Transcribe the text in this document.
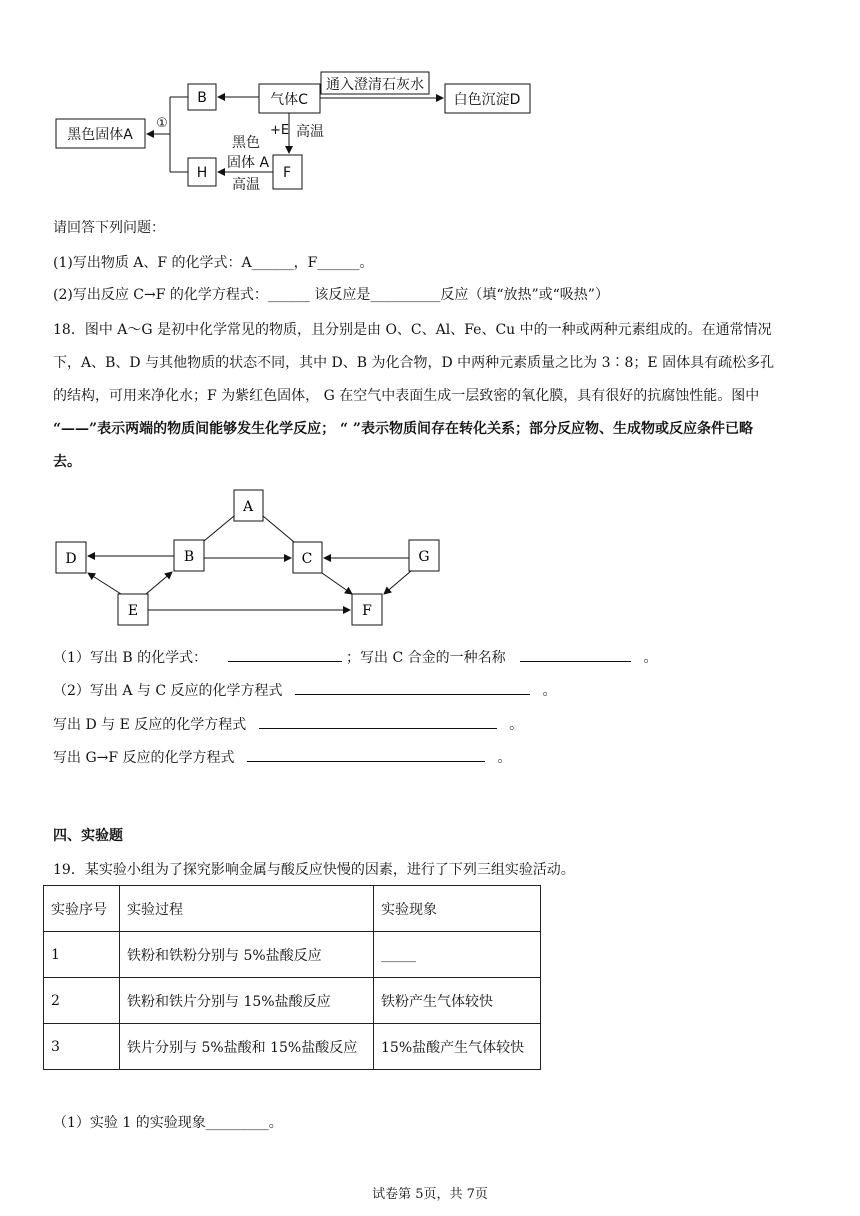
黑色固体A
B	气体C	白色沉淀D
H	F
①
通入澄清石灰水
+E 高温
黑色
固体 A
高温
请回答下列问题：
(1)写出物质 A、F 的化学式：A______，F______。
(2)写出反应 C→F 的化学方程式：______ 该反应是__________反应（填“放热”或“吸热”）
18．图中 A～G 是初中化学常见的物质，且分别是由 O、C、Al、Fe、Cu 中的一种或两种元素组成的。在通常情况
下，A、B、D 与其他物质的状态不同，其中 D、B 为化合物，D 中两种元素质量之比为 3∶8；E 固体具有疏松多孔
的结构，可用来净化水；F 为紫红色固体， G 在空气中表面生成一层致密的氧化膜，具有很好的抗腐蚀性能。图中
“——”表示两端的物质间能够发生化学反应； “ ”表示物质间存在转化关系；部分反应物、生成物或反应条件已略
去。
A
B	C
D
E	F
G
（1）写出 B 的化学式：	；写出 C 合金的一种名称	。
（2）写出 A 与 C 反应的化学方程式	。
写出 D 与 E 反应的化学方程式	。
写出 G→F 反应的化学方程式	。
四、实验题
19．某实验小组为了探究影响金属与酸反应快慢的因素，进行了下列三组实验活动。
实验序号	实验过程	实验现象
1	铁粉和铁粉分别与 5%盐酸反应	_____
2	铁粉和铁片分别与 15%盐酸反应	铁粉产生气体较快
3	铁片分别与 5%盐酸和 15%盐酸反应	15%盐酸产生气体较快
（1）实验 1 的实验现象_________。
试卷第 5页，共 7页
